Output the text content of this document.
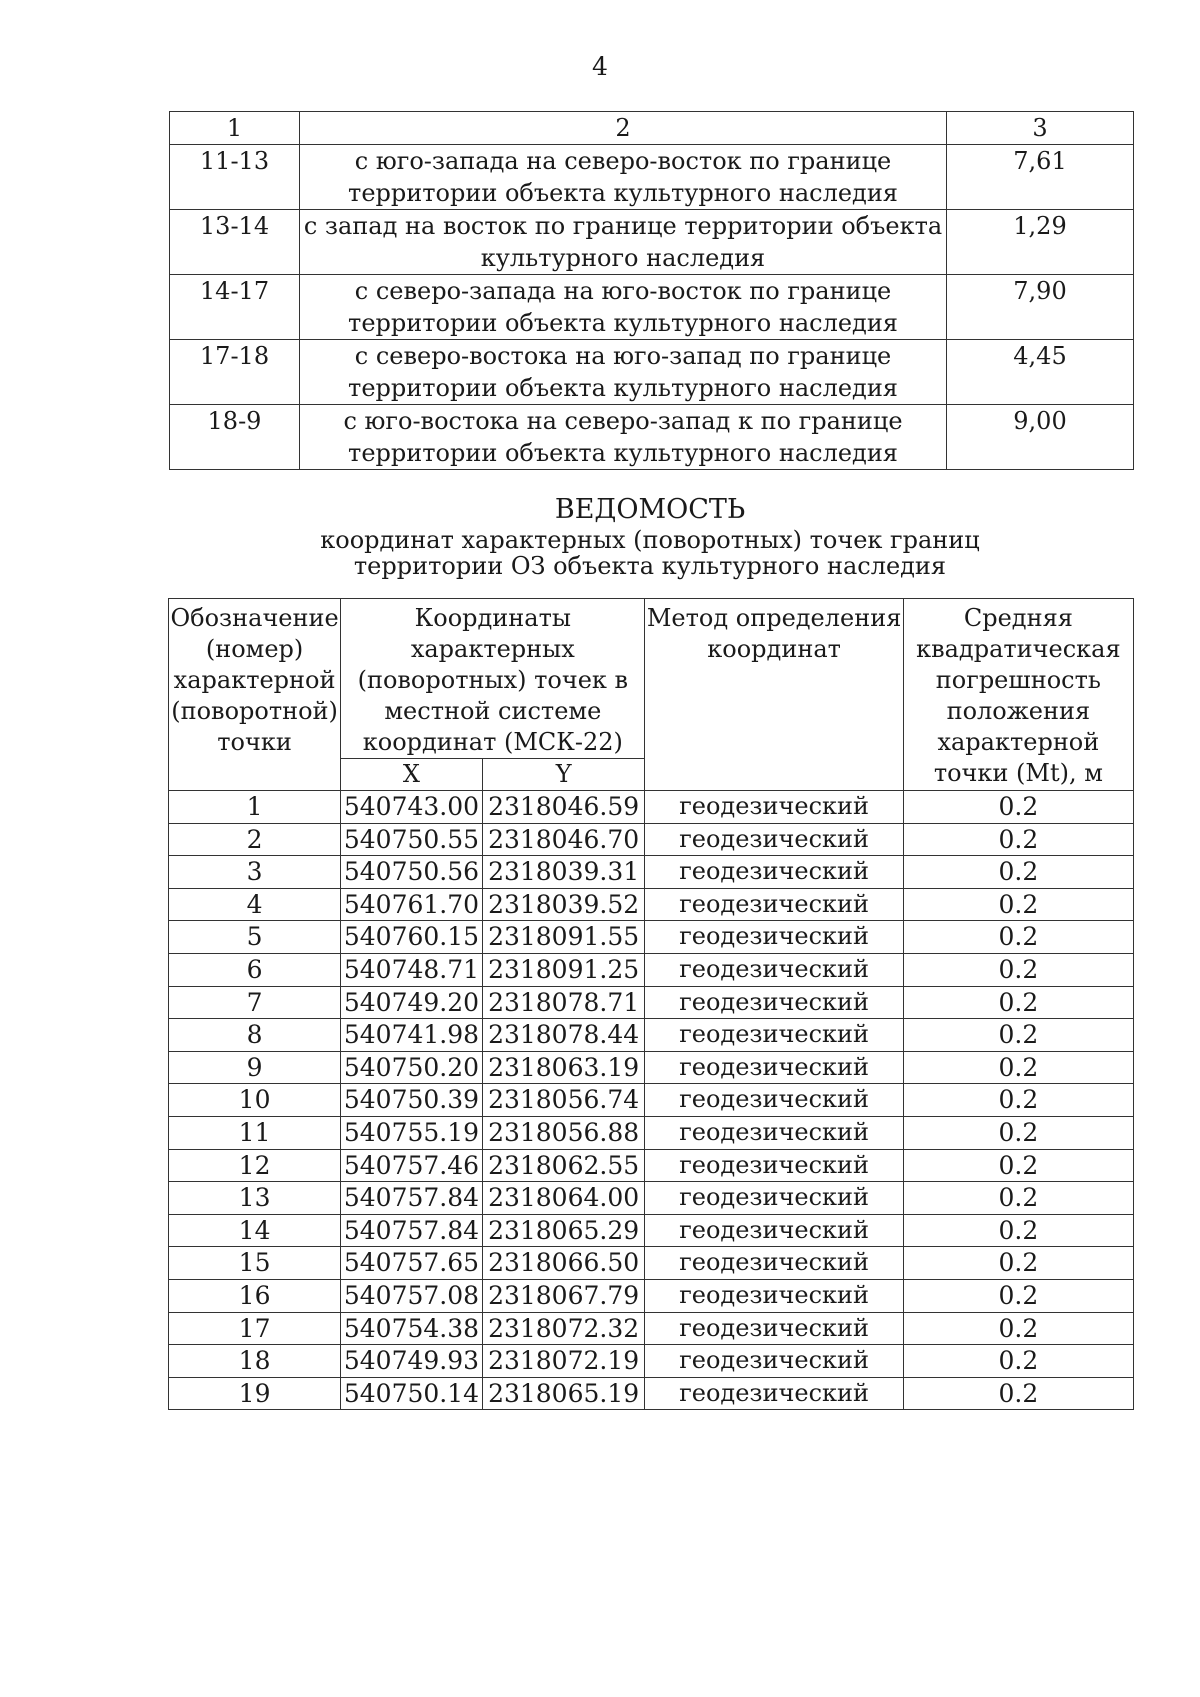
4
1	2	3
11-13	с юго-запада на северо-восток по границе территории объекта культурного наследия	7,61
13-14	с запад на восток по границе территории объекта культурного наследия	1,29
14-17	с северо-запада на юго-восток по границе территории объекта культурного наследия	7,90
17-18	с северо-востока на юго-запад по границе территории объекта культурного наследия	4,45
18-9	с юго-востока на северо-запад к по границе территории объекта культурного наследия	9,00
ВЕДОМОСТЬ
координат характерных (поворотных) точек границ
территории ОЗ объекта культурного наследия
Обозначение (номер) характерной (поворотной) точки	Координаты характерных (поворотных) точек в местной системе координат (МСК-22)		Метод определения координат	Средняя квадратическая погрешность положения характерной точки (Mt), м
	X	Y		
1	540743.00	2318046.59	геодезический	0.2
2	540750.55	2318046.70	геодезический	0.2
3	540750.56	2318039.31	геодезический	0.2
4	540761.70	2318039.52	геодезический	0.2
5	540760.15	2318091.55	геодезический	0.2
6	540748.71	2318091.25	геодезический	0.2
7	540749.20	2318078.71	геодезический	0.2
8	540741.98	2318078.44	геодезический	0.2
9	540750.20	2318063.19	геодезический	0.2
10	540750.39	2318056.74	геодезический	0.2
11	540755.19	2318056.88	геодезический	0.2
12	540757.46	2318062.55	геодезический	0.2
13	540757.84	2318064.00	геодезический	0.2
14	540757.84	2318065.29	геодезический	0.2
15	540757.65	2318066.50	геодезический	0.2
16	540757.08	2318067.79	геодезический	0.2
17	540754.38	2318072.32	геодезический	0.2
18	540749.93	2318072.19	геодезический	0.2
19	540750.14	2318065.19	геодезический	0.2
